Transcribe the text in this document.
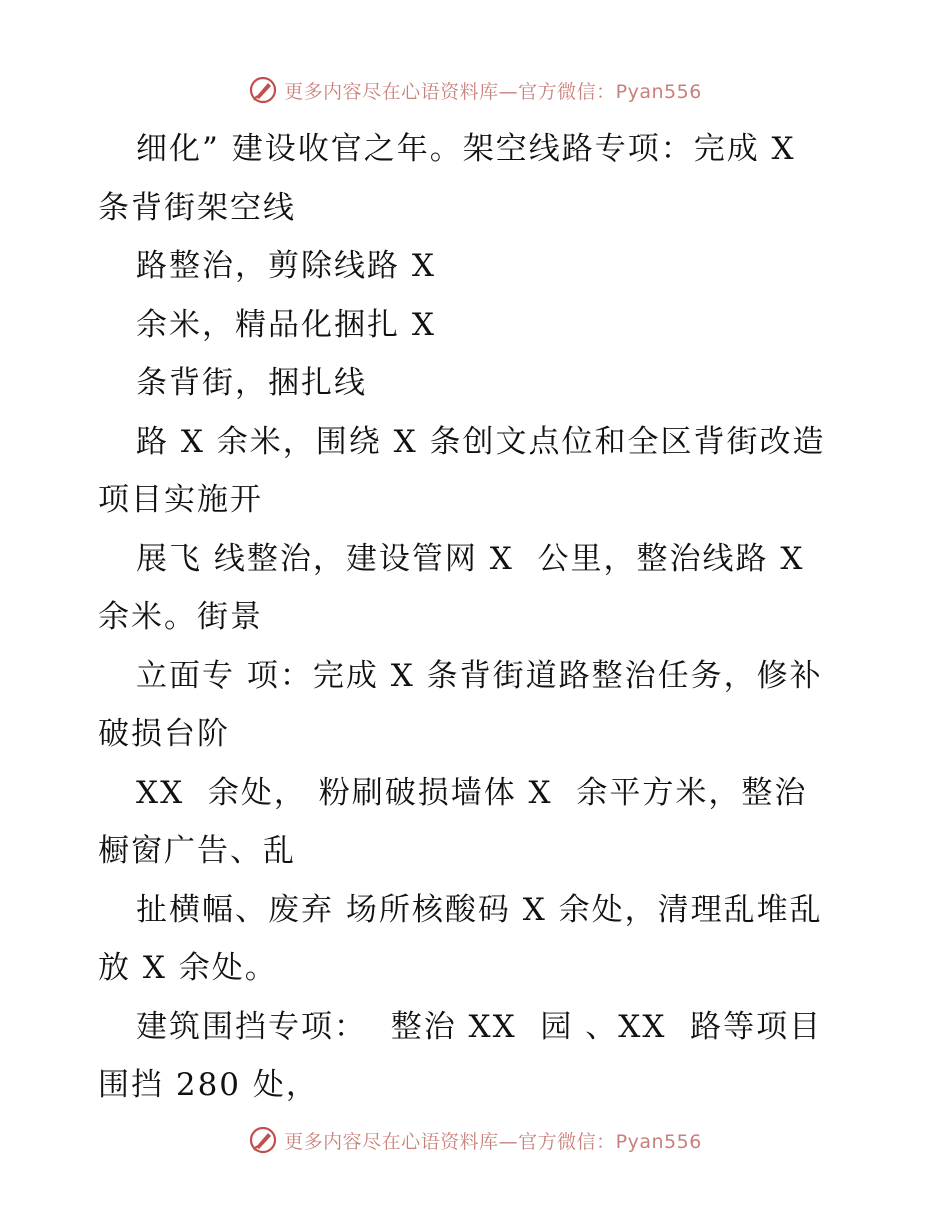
更多内容尽在心语资料库—官方微信：Pyan556
细化” 建设收官之年。架空线路专项：完成 X
条背街架空线
路整治，剪除线路 X
余米，精品化捆扎 X
条背街，捆扎线
路 X 余米，围绕 X 条创文点位和全区背街改造
项目实施开
展飞 线整治，建设管网 X  公里，整治线路 X
余米。街景
立面专 项：完成 X 条背街道路整治任务，修补
破损台阶
XX  余处， 粉刷破损墙体 X  余平方米，整治
橱窗广告、乱
扯横幅、废弃 场所核酸码 X 余处，清理乱堆乱
放 X 余处。
建筑围挡专项：  整治 XX  园 、XX  路等项目
围挡 280 处，
更多内容尽在心语资料库—官方微信：Pyan556
